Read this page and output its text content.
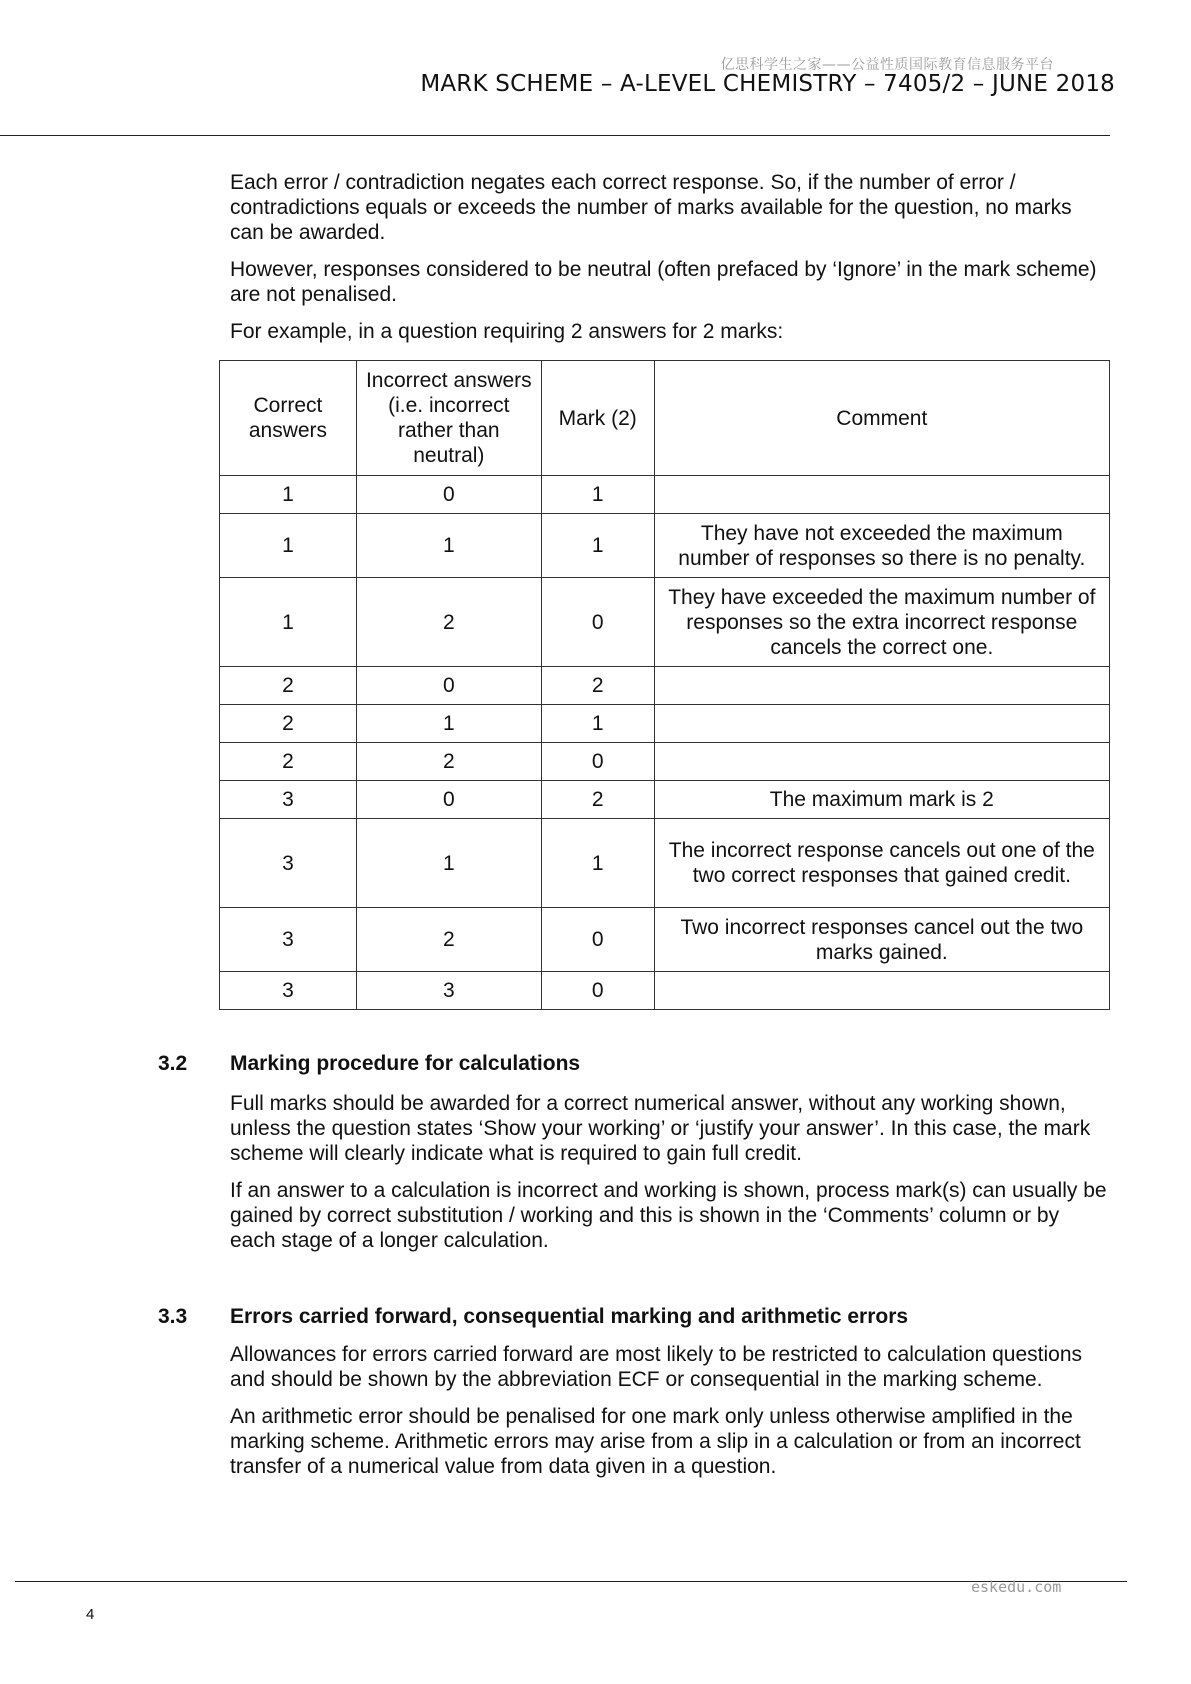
亿思科学生之家——公益性质国际教育信息服务平台
MARK SCHEME – A-LEVEL CHEMISTRY – 7405/2 – JUNE 2018

Each error / contradiction negates each correct response. So, if the number of error / contradictions equals or exceeds the number of marks available for the question, no marks can be awarded.

However, responses considered to be neutral (often prefaced by ‘Ignore’ in the mark scheme) are not penalised.

For example, in a question requiring 2 answers for 2 marks:

Correct answers	Incorrect answers (i.e. incorrect rather than neutral)	Mark (2)	Comment
1	0	1	
1	1	1	They have not exceeded the maximum number of responses so there is no penalty.
1	2	0	They have exceeded the maximum number of responses so the extra incorrect response cancels the correct one.
2	0	2	
2	1	1	
2	2	0	
3	0	2	The maximum mark is 2
3	1	1	The incorrect response cancels out one of the two correct responses that gained credit.
3	2	0	Two incorrect responses cancel out the two marks gained.
3	3	0	
3.2 Marking procedure for calculations

Full marks should be awarded for a correct numerical answer, without any working shown, unless the question states ‘Show your working’ or ‘justify your answer’. In this case, the mark scheme will clearly indicate what is required to gain full credit.

If an answer to a calculation is incorrect and working is shown, process mark(s) can usually be gained by correct substitution / working and this is shown in the ‘Comments’ column or by each stage of a longer calculation.

3.3 Errors carried forward, consequential marking and arithmetic errors

Allowances for errors carried forward are most likely to be restricted to calculation questions and should be shown by the abbreviation ECF or consequential in the marking scheme.

An arithmetic error should be penalised for one mark only unless otherwise amplified in the marking scheme. Arithmetic errors may arise from a slip in a calculation or from an incorrect transfer of a numerical value from data given in a question.

eskedu.com
4
